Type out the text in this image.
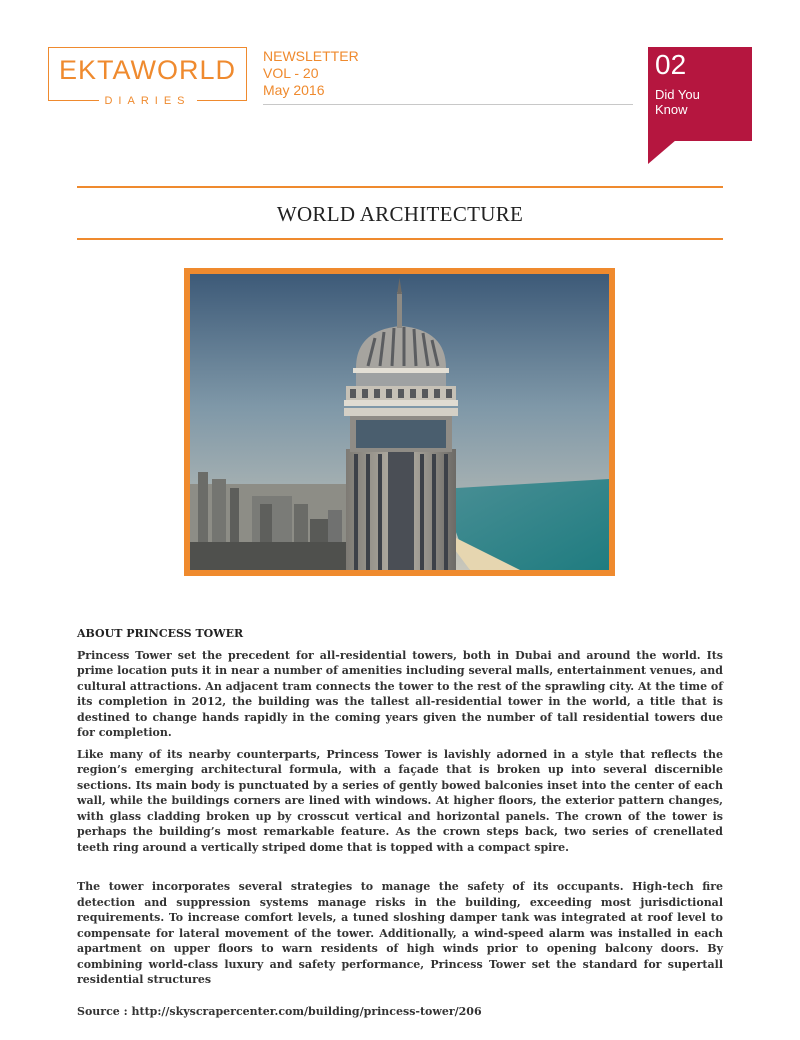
EKTAWORLD
DIARIES
NEWSLETTER
VOL - 20
May 2016
02
Did You
Know
WORLD ARCHITECTURE
ABOUT PRINCESS TOWER

Princess Tower set the precedent for all-residential towers, both in Dubai and around the world. Its prime location puts it in near a number of amenities including several malls, entertainment venues, and cultural attractions. An adjacent tram connects the tower to the rest of the sprawling city. At the time of its completion in 2012, the building was the tallest all-residential tower in the world, a title that is destined to change hands rapidly in the coming years given the number of tall residential towers due for completion.

Like many of its nearby counterparts, Princess Tower is lavishly adorned in a style that reflects the region’s emerging architectural formula, with a façade that is broken up into several discernible sections. Its main body is punctuated by a series of gently bowed balconies inset into the center of each wall, while the buildings corners are lined with windows. At higher floors, the exterior pattern changes, with glass cladding broken up by crosscut vertical and horizontal panels. The crown of the tower is perhaps the building’s most remarkable feature. As the crown steps back, two series of crenellated teeth ring around a vertically striped dome that is topped with a compact spire.

The tower incorporates several strategies to manage the safety of its occupants. High-tech fire detection and suppression systems manage risks in the building, exceeding most jurisdictional requirements. To increase comfort levels, a tuned sloshing damper tank was integrated at roof level to compensate for lateral movement of the tower. Additionally, a wind-speed alarm was installed in each apartment on upper floors to warn residents of high winds prior to opening balcony doors. By combining world-class luxury and safety performance, Princess Tower set the standard for supertall residential structures

Source : http://skyscrapercenter.com/building/princess-tower/206
